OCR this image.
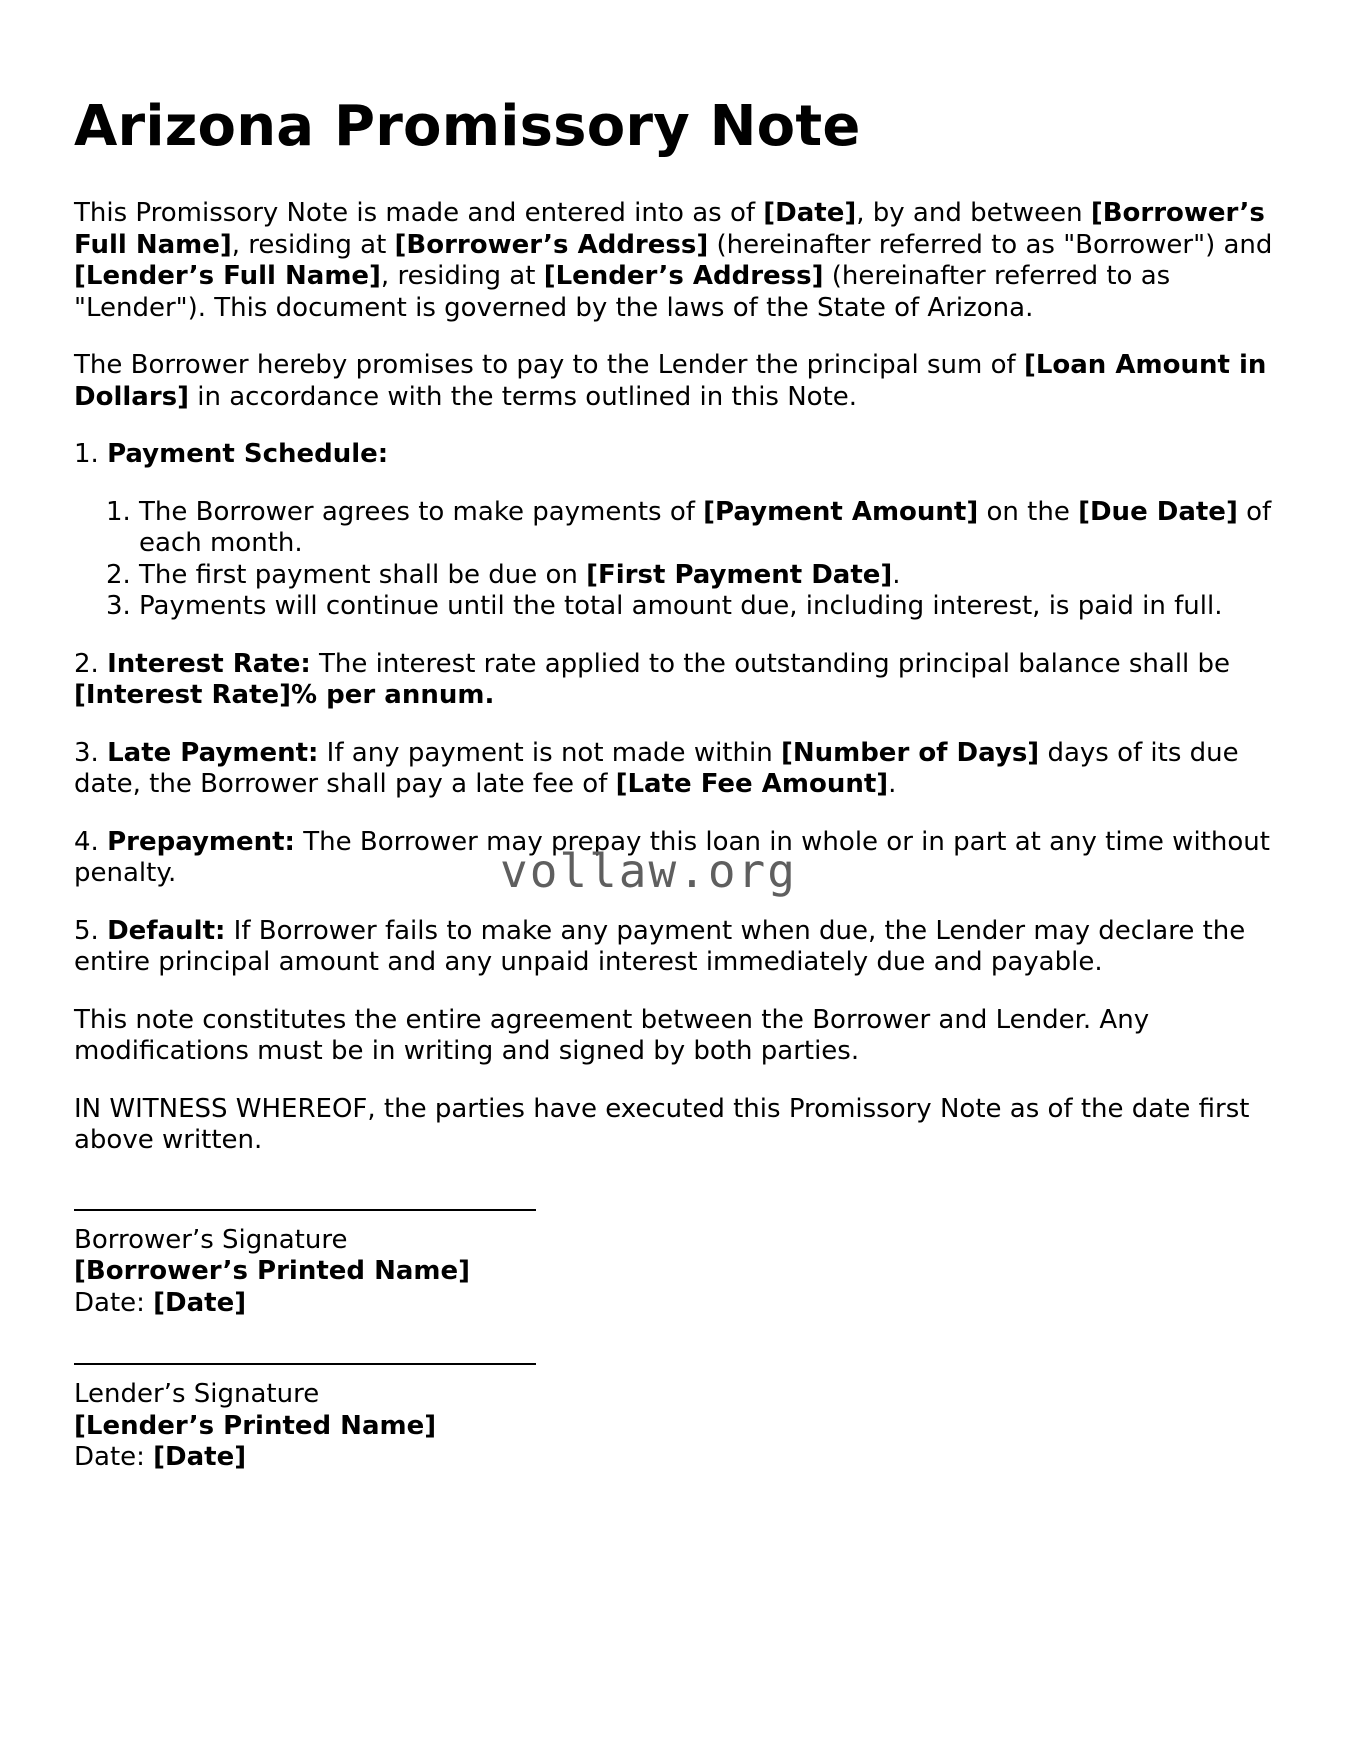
Arizona Promissory Note

This Promissory Note is made and entered into as of [Date], by and between [Borrower’s Full Name], residing at [Borrower’s Address] (hereinafter referred to as "Borrower") and [Lender’s Full Name], residing at [Lender’s Address] (hereinafter referred to as "Lender"). This document is governed by the laws of the State of Arizona.

The Borrower hereby promises to pay to the Lender the principal sum of [Loan Amount in Dollars] in accordance with the terms outlined in this Note.

1. Payment Schedule:

1. The Borrower agrees to make payments of [Payment Amount] on the [Due Date] of each month.
2. The first payment shall be due on [First Payment Date].
3. Payments will continue until the total amount due, including interest, is paid in full.

2. Interest Rate: The interest rate applied to the outstanding principal balance shall be [Interest Rate]% per annum.

3. Late Payment: If any payment is not made within [Number of Days] days of its due date, the Borrower shall pay a late fee of [Late Fee Amount].

4. Prepayment: The Borrower may prepay this loan in whole or in part at any time without penalty.

5. Default: If Borrower fails to make any payment when due, the Lender may declare the entire principal amount and any unpaid interest immediately due and payable.

This note constitutes the entire agreement between the Borrower and Lender. Any modifications must be in writing and signed by both parties.

IN WITNESS WHEREOF, the parties have executed this Promissory Note as of the date first above written.

Borrower’s Signature
[Borrower’s Printed Name]
Date: [Date]
Lender’s Signature
[Lender’s Printed Name]
Date: [Date]
vollaw.org
